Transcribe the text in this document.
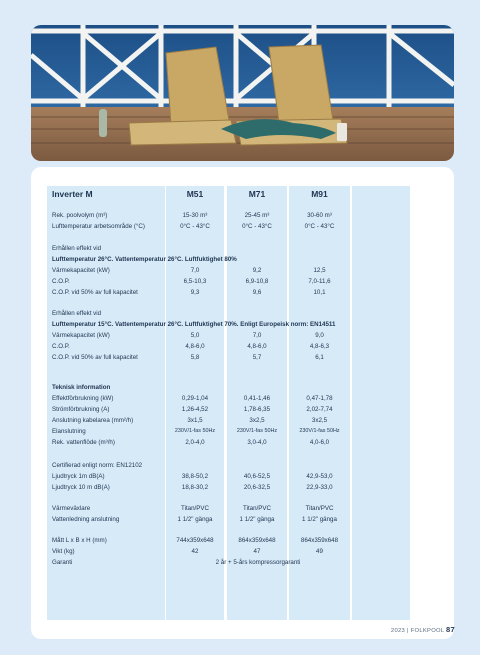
Inverter M	M51	M71	M91
Rek. poolvolym (m³)	15-30 m³	25-45 m³	30-60 m³
Lufttemperatur arbetsområde (°C)	0°C - 43°C	0°C - 43°C	0°C - 43°C
Erhållen effekt vid
Lufttemperatur 26°C. Vattentemperatur 26°C. Luftfuktighet 80%
Värmekapacitet (kW)	7,0	9,2	12,5
C.O.P.	6,5-10,3	6,9-10,8	7,0-11,6
C.O.P. vid 50% av full kapacitet	9,3	9,6	10,1
Erhållen effekt vid
Lufttemperatur 15°C. Vattentemperatur 26°C. Luftfuktighet 70%. Enligt Europeisk norm: EN14511
Värmekapacitet (kW)	5,0	7,0	9,0
C.O.P.	4,8-6,0	4,8-6,0	4,8-6,3
C.O.P. vid 50% av full kapacitet	5,8	5,7	6,1
Teknisk information
Effektförbrukning (kW)	0,29-1,04	0,41-1,46	0,47-1,78
Strömförbrukning (A)	1,26-4,52	1,78-6,35	2,02-7,74
Anslutning kabelarea (mm²/h)	3x1,5	3x2,5	3x2,5
Elanslutning	230V/1-fas 50Hz	230V/1-fas 50Hz	230V/1-fas 50Hz
Rek. vattenflöde (m³/h)	2,0-4,0	3,0-4,0	4,0-6,0
Certifierad enligt norm: EN12102
Ljudtryck 1m dB(A)	38,8-50,2	40,6-52,5	42,9-53,0
Ljudtryck 10 m dB(A)	18,8-30,2	20,6-32,5	22,9-33,0
Värmeväxlare	Titan/PVC	Titan/PVC	Titan/PVC
Vattenledning anslutning	1 1/2" gänga	1 1/2" gänga	1 1/2" gänga
Mått L x B x H (mm)	744x359x648	864x359x648	864x359x648
Vikt (kg)	42	47	49
Garanti	2 år + 5-års kompressorgaranti
2023 | FOLKPOOL 87
